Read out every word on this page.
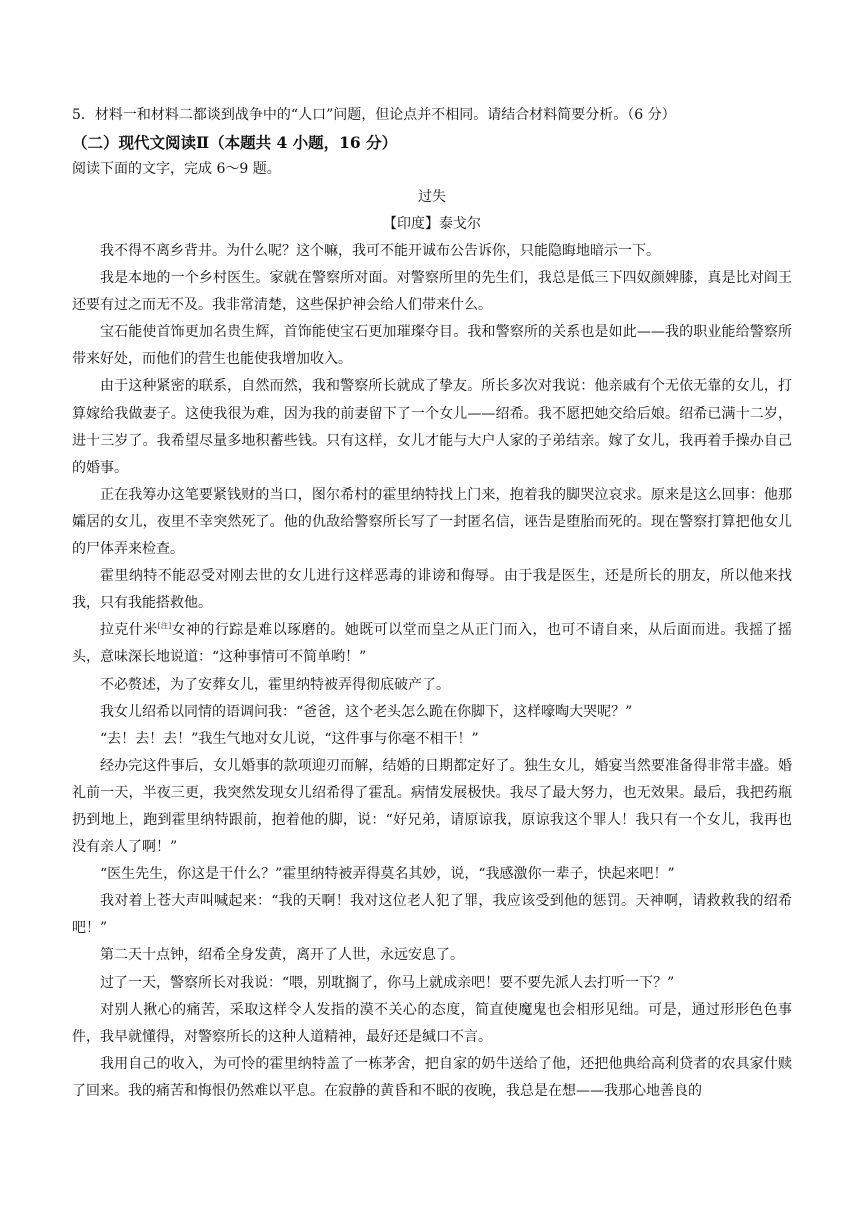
5．材料一和材料二都谈到战争中的“人口”问题，但论点并不相同。请结合材料简要分析。（6 分）
（二）现代文阅读Ⅱ（本题共 4 小题，16 分）
阅读下面的文字，完成 6～9 题。
过失
【印度】泰戈尔

我不得不离乡背井。为什么呢？这个嘛，我可不能开诚布公告诉你，只能隐晦地暗示一下。

我是本地的一个乡村医生。家就在警察所对面。对警察所里的先生们，我总是低三下四奴颜婢膝，真是比对阎王还要有过之而无不及。我非常清楚，这些保护神会给人们带来什么。

宝石能使首饰更加名贵生辉，首饰能使宝石更加璀璨夺目。我和警察所的关系也是如此——我的职业能给警察所带来好处，而他们的营生也能使我增加收入。

由于这种紧密的联系，自然而然，我和警察所长就成了挚友。所长多次对我说：他亲戚有个无依无靠的女儿，打算嫁给我做妻子。这使我很为难，因为我的前妻留下了一个女儿——绍希。我不愿把她交给后娘。绍希已满十二岁，进十三岁了。我希望尽量多地积蓄些钱。只有这样，女儿才能与大户人家的子弟结亲。嫁了女儿，我再着手操办自己的婚事。

正在我筹办这笔要紧钱财的当口，图尔希村的霍里纳特找上门来，抱着我的脚哭泣哀求。原来是这么回事：他那孀居的女儿，夜里不幸突然死了。他的仇敌给警察所长写了一封匿名信，诬告是堕胎而死的。现在警察打算把他女儿的尸体弄来检查。

霍里纳特不能忍受对刚去世的女儿进行这样恶毒的诽谤和侮辱。由于我是医生，还是所长的朋友，所以他来找我，只有我能搭救他。

拉克什米[注]女神的行踪是难以琢磨的。她既可以堂而皇之从正门而入，也可不请自来，从后面而进。我摇了摇头，意味深长地说道：“这种事情可不简单哟！”

不必赘述，为了安葬女儿，霍里纳特被弄得彻底破产了。

我女儿绍希以同情的语调问我：“爸爸，这个老头怎么跪在你脚下，这样嚎啕大哭呢？”

“去！去！去！”我生气地对女儿说，“这件事与你毫不相干！”

经办完这件事后，女儿婚事的款项迎刃而解，结婚的日期都定好了。独生女儿，婚宴当然要准备得非常丰盛。婚礼前一天，半夜三更，我突然发现女儿绍希得了霍乱。病情发展极快。我尽了最大努力，也无效果。最后，我把药瓶扔到地上，跑到霍里纳特跟前，抱着他的脚，说：“好兄弟，请原谅我，原谅我这个罪人！我只有一个女儿，我再也没有亲人了啊！”

“医生先生，你这是干什么？”霍里纳特被弄得莫名其妙，说，“我感激你一辈子，快起来吧！”

我对着上苍大声叫喊起来：“我的天啊！我对这位老人犯了罪，我应该受到他的惩罚。天神啊，请救救我的绍希吧！”

第二天十点钟，绍希全身发黄，离开了人世，永远安息了。

过了一天，警察所长对我说：“喂，别耽搁了，你马上就成亲吧！要不要先派人去打听一下？”

对别人揪心的痛苦，采取这样令人发指的漠不关心的态度，简直使魔鬼也会相形见绌。可是，通过形形色色事件，我早就懂得，对警察所长的这种人道精神，最好还是缄口不言。

我用自己的收入，为可怜的霍里纳特盖了一栋茅舍，把自家的奶牛送给了他，还把他典给高利贷者的农具家什赎了回来。我的痛苦和悔恨仍然难以平息。在寂静的黄昏和不眠的夜晚，我总是在想——我那心地善良的
